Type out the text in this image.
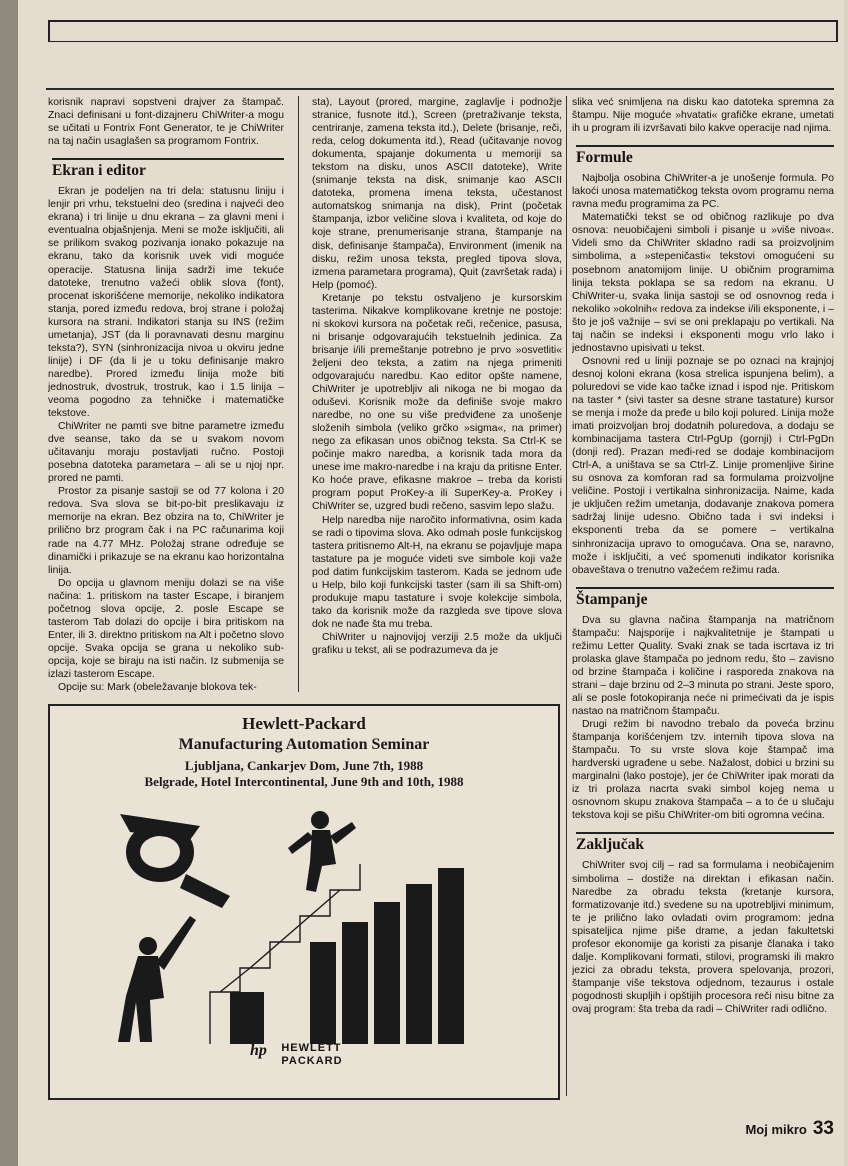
korisnik napravi sopstveni drajver za štampač. Znaci definisani u font-dizajneru ChiWriter-a mogu se učitati u Fontrix Font Generator, te je ChiWriter na taj način usaglašen sa programom Fontrix.

Ekran i editor

Ekran je podeljen na tri dela: statusnu liniju i lenjir pri vrhu, tekstuelni deo (sredina i najveći deo ekrana) i tri linije u dnu ekrana – za glavni meni i eventualna objašnjenja. Meni se može isključiti, ali se prilikom svakog pozivanja ionako pokazuje na ekranu, tako da korisnik uvek vidi moguće operacije. Statusna linija sadrži ime tekuće datoteke, trenutno važeći oblik slova (font), procenat iskorišćene memorije, nekoliko indikatora stanja, pored između redova, broj strane i položaj kursora na strani. Indikatori stanja su INS (režim umetanja), JST (da li poravnavati desnu marginu teksta?), SYN (sinhronizacija nivoa u okviru jedne linije) i DF (da li je u toku definisanje makro naredbe). Prored između linija može biti jednostruk, dvostruk, trostruk, kao i 1.5 linija – veoma pogodno za tehničke i matematičke tekstove.

ChiWriter ne pamti sve bitne parametre između dve seanse, tako da se u svakom novom učitavanju moraju postavljati ručno. Postoji posebna datoteka parametara – ali se u njoj npr. prored ne pamti.

Prostor za pisanje sastoji se od 77 kolona i 20 redova. Sva slova se bit-po-bit preslikavaju iz memorije na ekran. Bez obzira na to, ChiWriter je prilično brz program čak i na PC računarima koji rade na 4.77 MHz. Položaj strane određuje se dinamički i prikazuje se na ekranu kao horizontalna linija.

Do opcija u glavnom meniju dolazi se na više načina: 1. pritiskom na taster Escape, i biranjem početnog slova opcije, 2. posle Escape se tasterom Tab dolazi do opcije i bira pritiskom na Enter, ili 3. direktno pritiskom na Alt i početno slovo opcije. Svaka opcija se grana u nekoliko sub-opcija, koje se biraju na isti način. Iz submenija se izlazi tasterom Escape.

Opcije su: Mark (obeležavanje blokova tek-

sta), Layout (prored, margine, zaglavlje i podnožje stranice, fusnote itd.), Screen (pretraživanje teksta, centriranje, zamena teksta itd.), Delete (brisanje, reči, reda, celog dokumenta itd.), Read (učitavanje novog dokumenta, spajanje dokumenta u memoriji sa tekstom na disku, unos ASCII datoteke), Write (snimanje teksta na disk, snimanje kao ASCII datoteka, promena imena teksta, učestanost automatskog snimanja na disk), Print (početak štampanja, izbor veličine slova i kvaliteta, od koje do koje strane, prenumerisanje strana, štampanje na disk, definisanje štampača), Environment (imenik na disku, režim unosa teksta, pregled tipova slova, izmena parametara programa), Quit (završetak rada) i Help (pomoć).

Kretanje po tekstu ostvaljeno je kursorskim tasterima. Nikakve komplikovane kretnje ne postoje: ni skokovi kursora na početak reči, rečenice, pasusa, ni brisanje odgovarajućih tekstuelnih jedinica. Za brisanje i/ili premeštanje potrebno je prvo »osvetliti« željeni deo teksta, a zatim na njega primeniti odgovarajuću naredbu. Kao editor opšte namene, ChiWriter je upotrebljiv ali nikoga ne bi mogao da oduševi. Korisnik može da definiše svoje makro naredbe, no one su više predviđene za unošenje složenih simbola (veliko grčko »sigma«, na primer) nego za efikasan unos običnog teksta. Sa Ctrl-K se počinje makro naredba, a korisnik tada mora da unese ime makro-naredbe i na kraju da pritisne Enter. Ko hoće prave, efikasne makroe – treba da koristi program poput ProKey-a ili SuperKey-a. ProKey i ChiWriter se, uzgred budi rečeno, sasvim lepo slažu.

Help naredba nije naročito informativna, osim kada se radi o tipovima slova. Ako odmah posle funkcijskog tastera pritisnemo Alt-H, na ekranu se pojavljuje mapa tastature pa je moguće videti sve simbole koji važe pod datim funkcijskim tasterom. Kada se jednom uđe u Help, bilo koji funkcijski taster (sam ili sa Shift-om) produkuje mapu tastature i svoje kolekcije simbola, tako da korisnik može da razgleda sve tipove slova dok ne nađe šta mu treba.

ChiWriter u najnovijoj verziji 2.5 može da uključi grafiku u tekst, ali se podrazumeva da je

slika već snimljena na disku kao datoteka spremna za štampu. Nije moguće »hvatati« grafičke ekrane, umetati ih u program ili izvršavati bilo kakve operacije nad njima.

Formule

Najbolja osobina ChiWriter-a je unošenje formula. Po lakoći unosa matematičkog teksta ovom programu nema ravna među programima za PC.

Matematički tekst se od običnog razlikuje po dva osnova: neuobičajeni simboli i pisanje u »više nivoa«. Videli smo da ChiWriter skladno radi sa proizvoljnim simbolima, a »stepeničasti« tekstovi omogućeni su posebnom anatomijom linije. U običnim programima linija teksta poklapa se sa redom na ekranu. U ChiWriter-u, svaka linija sastoji se od osnovnog reda i nekoliko »okolnih« redova za indekse i/ili eksponente, i – što je još važnije – svi se oni preklapaju po vertikali. Na taj način se indeksi i eksponenti mogu vrlo lako i jednostavno upisivati u tekst.

Osnovni red u liniji poznaje se po oznaci na krajnjoj desnoj koloni ekrana (kosa strelica ispunjena belim), a poluredovi se vide kao tačke iznad i ispod nje. Pritiskom na taster * (sivi taster sa desne strane tastature) kursor se menja i može da pređe u bilo koji polured. Linija može imati proizvoljan broj dodatnih poluredova, a dodaju se kombinacijama tastera Ctrl-PgUp (gornji) i Ctrl-PgDn (donji red). Prazan međi-red se dodaje kombinacijom Ctrl-A, a uništava se sa Ctrl-Z. Linije promenljive širine su osnova za komforan rad sa formulama proizvoljne veličine. Postoji i vertikalna sinhronizacija. Naime, kada je uključen režim umetanja, dodavanje znakova pomera sadržaj linije udesno. Obično tada i svi indeksi i eksponenti treba da se pomere – vertikalna sinhronizacija upravo to omogućava. Ona se, naravno, može i isključiti, a već spomenuti indikator korisnika obaveštava o trenutno važećem režimu rada.

Štampanje

Dva su glavna načina štampanja na matričnom štampaču: Najsporije i najkvalitetnije je štampati u režimu Letter Quality. Svaki znak se tada iscrtava iz tri prolaska glave štampača po jednom redu, što – zavisno od brzine štampača i količine i rasporeda znakova na strani – daje brzinu od 2–3 minuta po strani. Jeste sporo, ali se posle fotokopiranja neće ni primećivati da je ispis nastao na matričnom štampaču.

Drugi režim bi navodno trebalo da poveća brzinu štampanja korišćenjem tzv. internih tipova slova na štampaču. To su vrste slova koje štampač ima hardverski ugrađene u sebe. Nažalost, dobici u brzini su marginalni (lako postoje), jer će ChiWriter ipak morati da iz tri prolaza nacrta svaki simbol kojeg nema u osnovnom skupu znakova štampača – a to će u slučaju tekstova koji se pišu ChiWriter-om biti ogromna većina.

Zaključak

ChiWriter svoj cilj – rad sa formulama i neobičajenim simbolima – dostiže na direktan i efikasan način. Naredbe za obradu teksta (kretanje kursora, formatizovanje itd.) svedene su na upotrebljivi minimum, te je prilično lako ovladati ovim programom: jedna spisateljica njime piše drame, a jedan fakultetski profesor ekonomije ga koristi za pisanje članaka i tako dalje. Komplikovani formati, stilovi, programski ili makro jezici za obradu teksta, provera spelovanja, prozori, štampanje više tekstova odjednom, tezaurus i ostale pogodnosti skupljih i opštijih procesora reči nisu bitne za ovaj program: šta treba da radi – ChiWriter radi odlično.

Hewlett-Packard
Manufacturing Automation Seminar
Ljubljana, Cankarjev Dom, June 7th, 1988
Belgrade, Hotel Intercontinental, June 9th and 10th, 1988
hp HEWLETT
PACKARD
Moj mikro 33
